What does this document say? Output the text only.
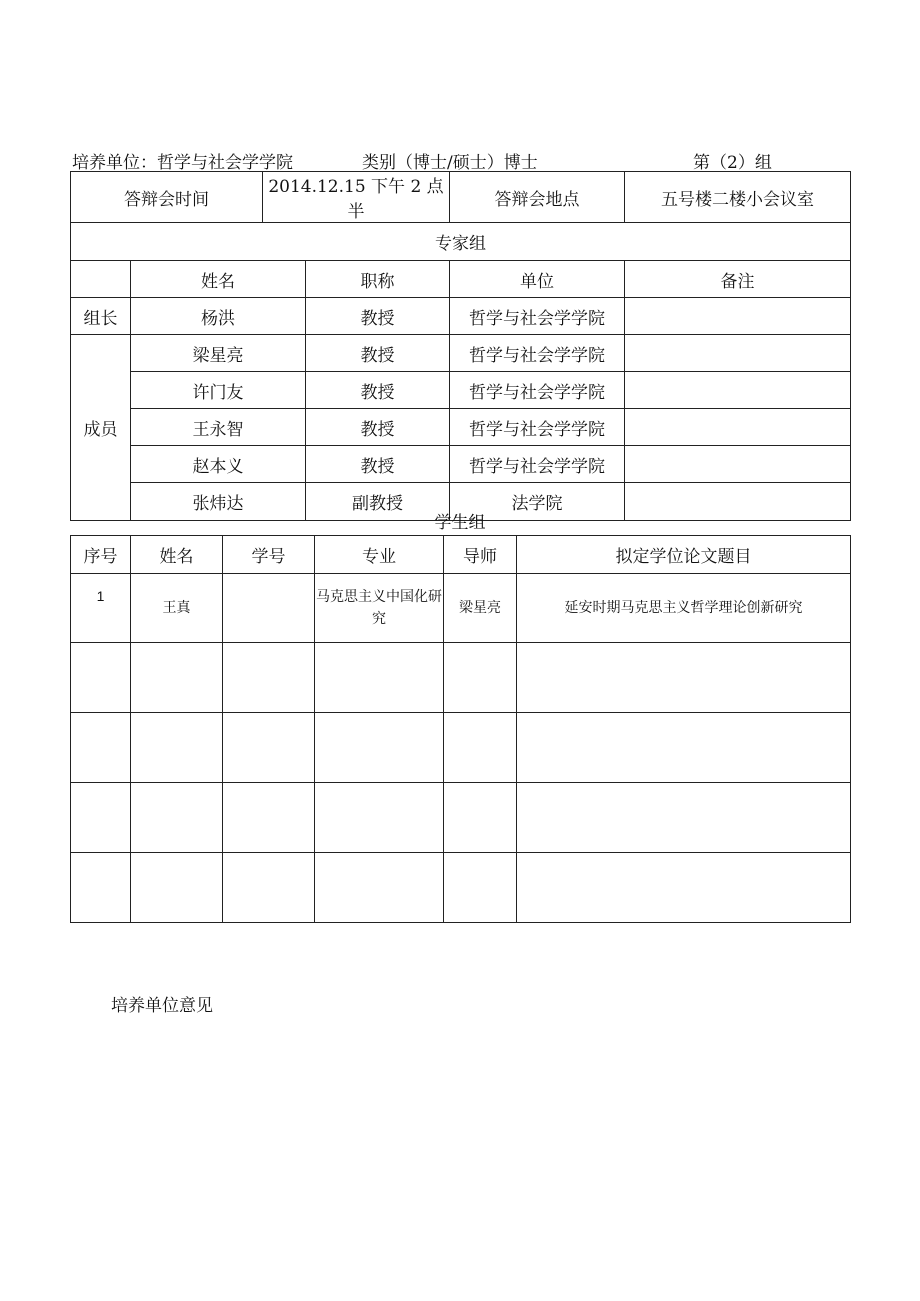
培养单位：哲学与社会学学院	类别（博士/硕士）博士	第（2）组
答辩会时间		2014.12.15 下午 2 点半		答辩会地点	五号楼二楼小会议室
专家组					
	姓名		职称	单位	备注
组长	杨洪		教授	哲学与社会学学院	
成员	梁星亮		教授	哲学与社会学学院	
	许门友		教授	哲学与社会学学院	
	王永智		教授	哲学与社会学学院	
	赵本义		教授	哲学与社会学学院	
	张炜达		副教授	法学院	
学生组
序号	姓名	学号	专业	导师	拟定学位论文题目
1	王真		马克思主义中国化研究	梁星亮	延安时期马克思主义哲学理论创新研究

培养单位意见
